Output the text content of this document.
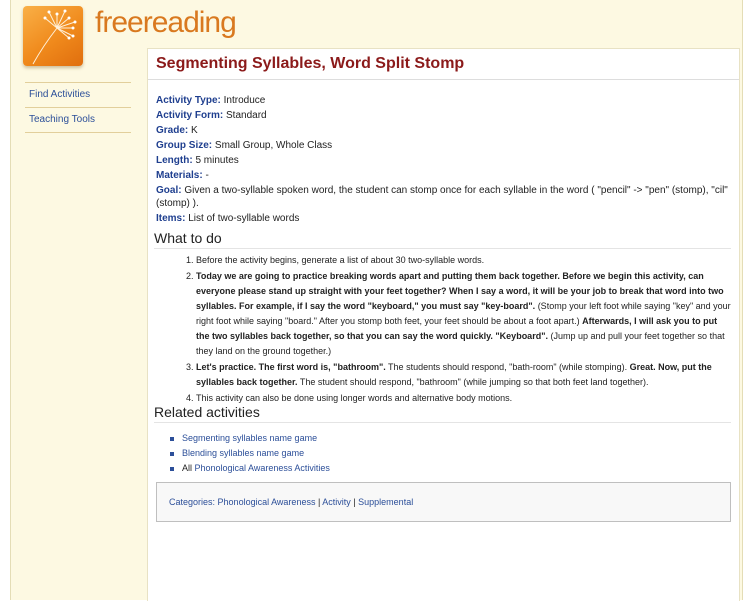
freereading
Find Activities
Teaching Tools
Segmenting Syllables, Word Split Stomp
Activity Type: Introduce
Activity Form: Standard
Grade: K
Group Size: Small Group, Whole Class
Length: 5 minutes
Materials: -
Goal: Given a two-syllable spoken word, the student can stomp once for each syllable in the word ( "pencil" -> "pen" (stomp), "cil" (stomp) ).
Items: List of two-syllable words
What to do
1. Before the activity begins, generate a list of about 30 two-syllable words.
2. Today we are going to practice breaking words apart and putting them back together. Before we begin this activity, can everyone please stand up straight with your feet together? When I say a word, it will be your job to break that word into two syllables. For example, if I say the word "keyboard," you must say "key-board". (Stomp your left foot while saying "key" and your right foot while saying "board." After you stomp both feet, your feet should be about a foot apart.) Afterwards, I will ask you to put the two syllables back together, so that you can say the word quickly. "Keyboard". (Jump up and pull your feet together so that they land on the ground together.)
3. Let's practice. The first word is, "bathroom". The students should respond, "bath-room" (while stomping). Great. Now, put the syllables back together. The student should respond, "bathroom" (while jumping so that both feet land together).
4. This activity can also be done using longer words and alternative body motions.
Related activities
Segmenting syllables name game
Blending syllables name game
All Phonological Awareness Activities
Categories: Phonological Awareness | Activity | Supplemental
